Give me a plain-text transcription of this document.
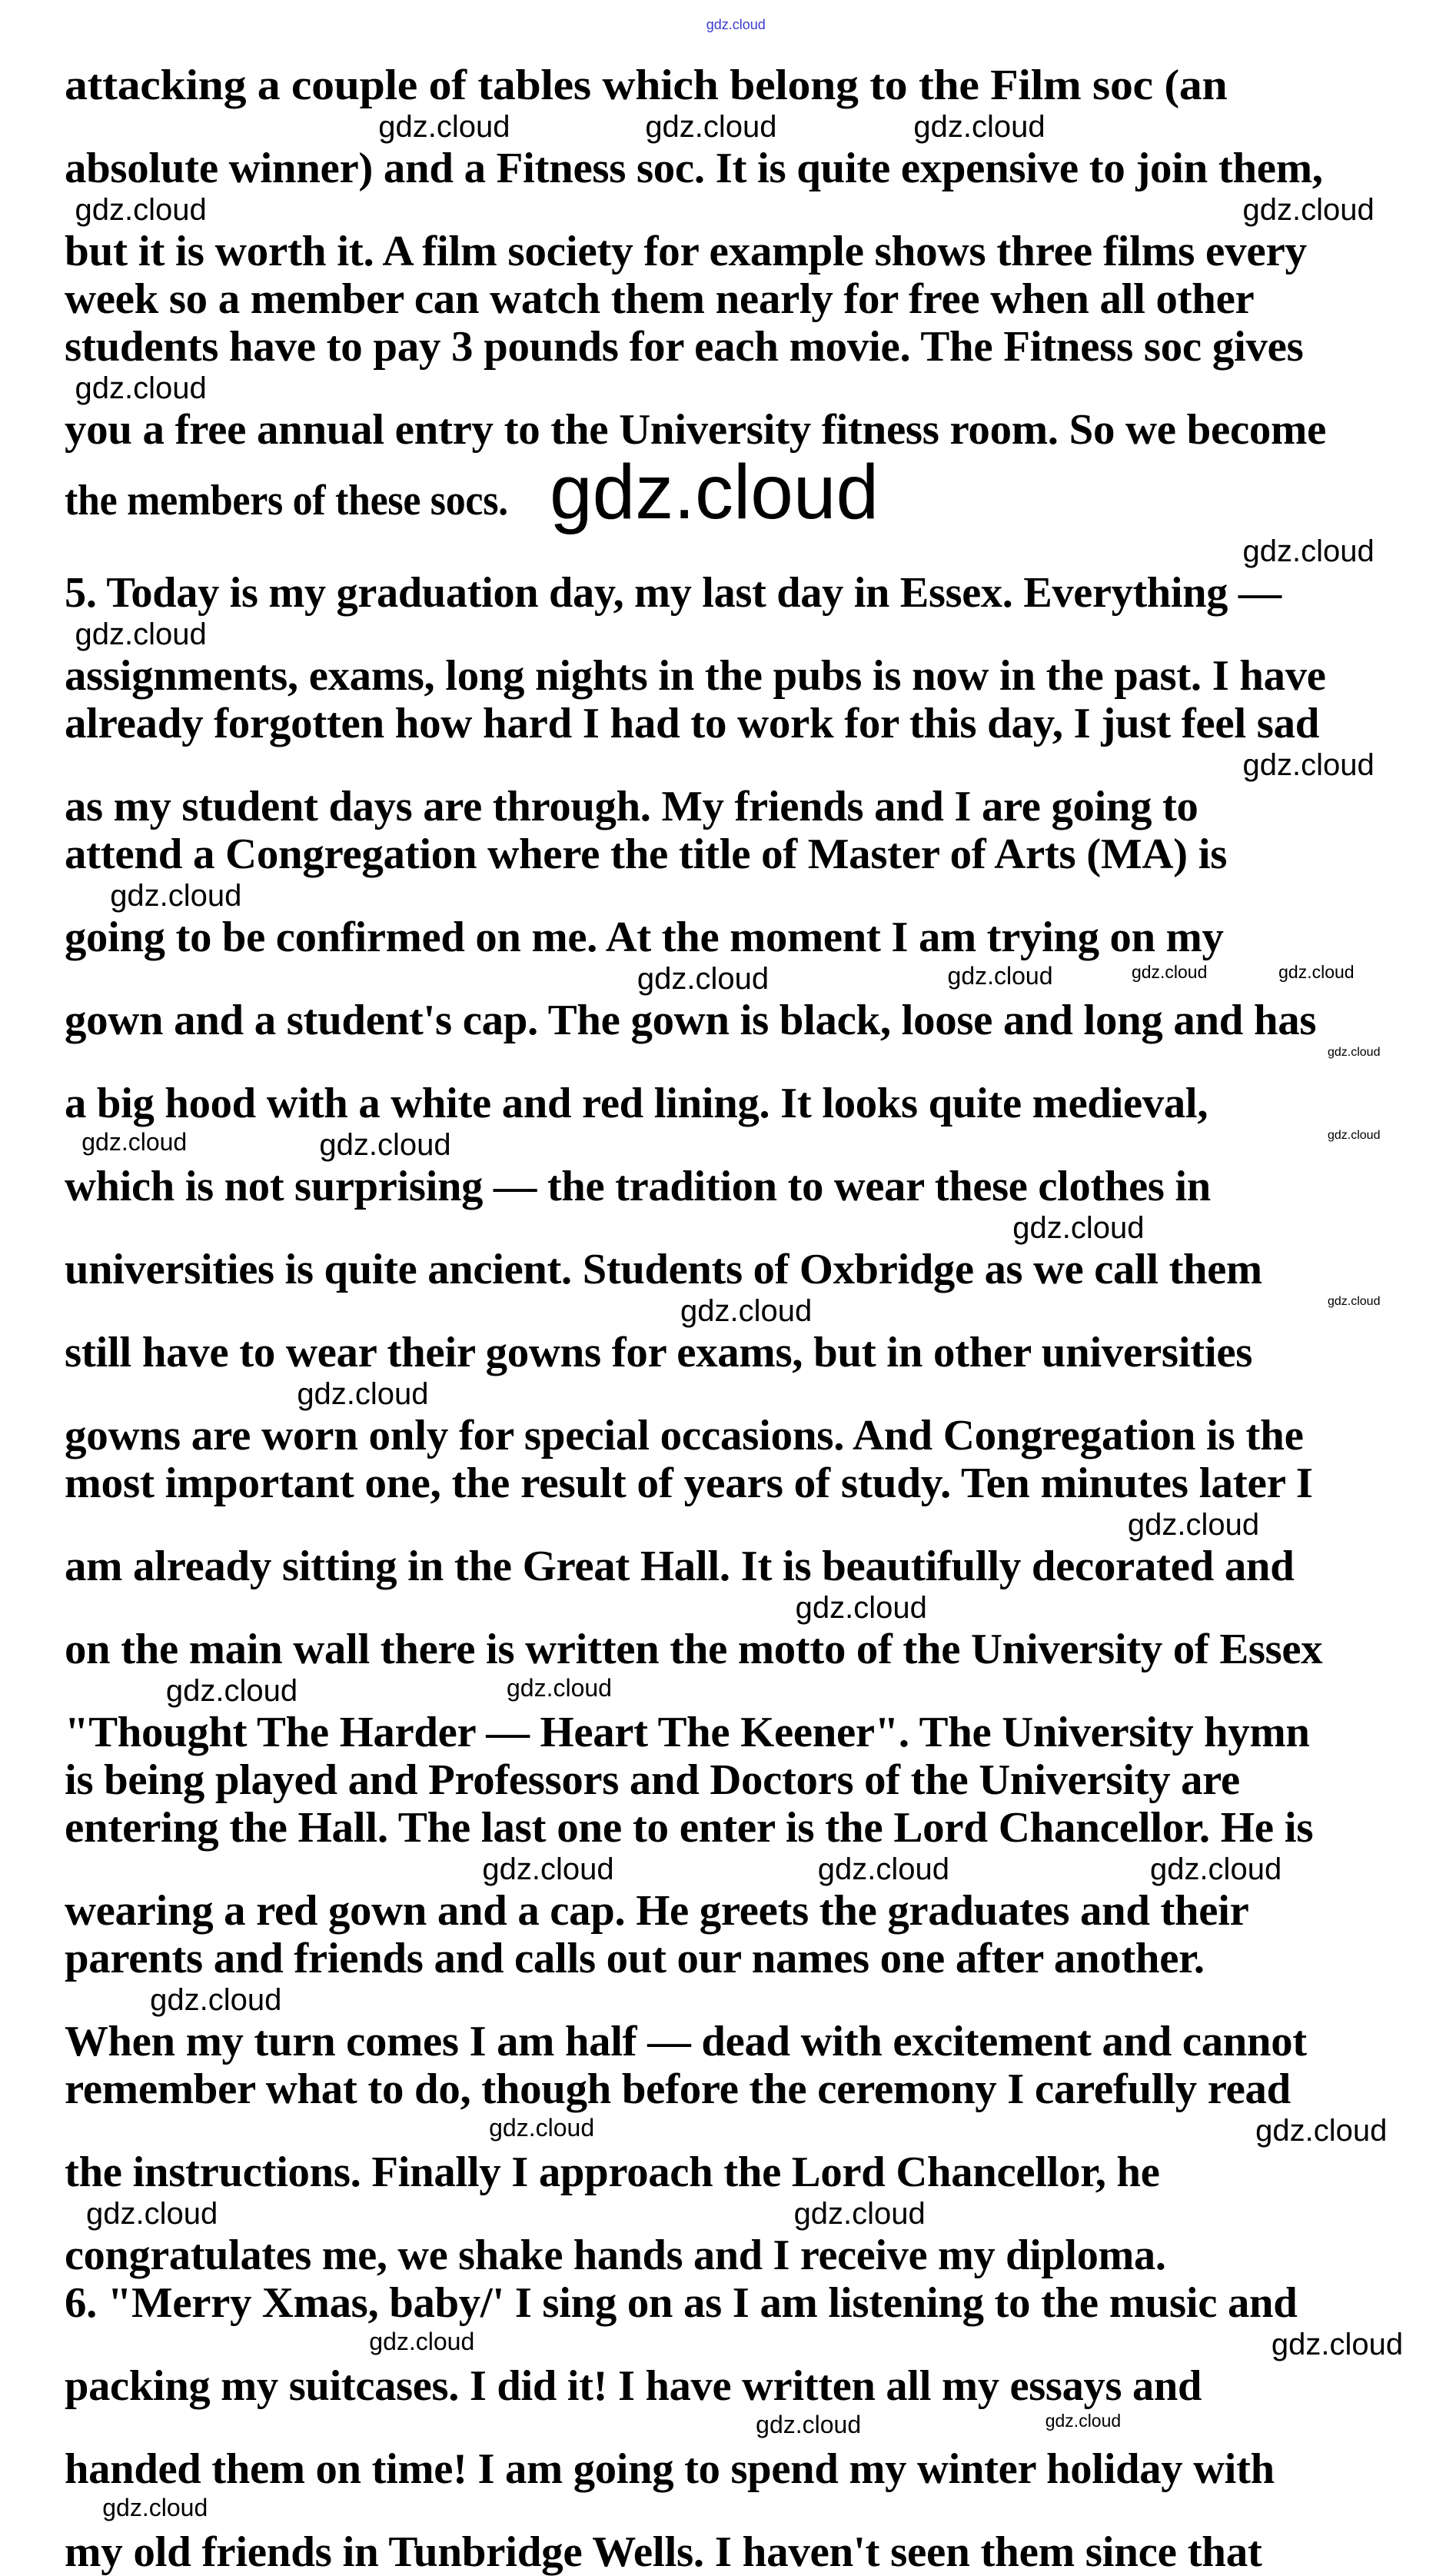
gdz.cloud
attacking a couple of tables which belong to the Film soc (an
gdz.cloud	gdz.cloud	gdz.cloud
absolute winner) and a Fitness soc. It is quite expensive to join them,
gdz.cloud	gdz.cloud
but it is worth it. A film society for example shows three films every
week so a member can watch them nearly for free when all other
students have to pay 3 pounds for each movie. The Fitness soc gives
gdz.cloud
you a free annual entry to the University fitness room. So we become
the members of these socs. gdz.cloud
gdz.cloud
5. Today is my graduation day, my last day in Essex. Everything —
gdz.cloud
assignments, exams, long nights in the pubs is now in the past. I have
already forgotten how hard I had to work for this day, I just feel sad
gdz.cloud
as my student days are through. My friends and I are going to
attend a Congregation where the title of Master of Arts (MA) is
gdz.cloud
going to be confirmed on me. At the moment I am trying on my
gdz.cloud	gdz.cloud	gdz.cloud	gdz.cloud
gown and a student's cap. The gown is black, loose and long and has
gdz.cloud
a big hood with a white and red lining. It looks quite medieval,
gdz.cloud	gdz.cloud	gdz.cloud
which is not surprising — the tradition to wear these clothes in
gdz.cloud
universities is quite ancient. Students of Oxbridge as we call them
gdz.cloud
gdz.cloud
still have to wear their gowns for exams, but in other universities
gdz.cloud
gowns are worn only for special occasions. And Congregation is the
most important one, the result of years of study. Ten minutes later I
gdz.cloud
am already sitting in the Great Hall. It is beautifully decorated and
gdz.cloud
on the main wall there is written the motto of the University of Essex
gdz.cloud	gdz.cloud
"Thought The Harder — Heart The Keener". The University hymn
is being played and Professors and Doctors of the University are
entering the Hall. The last one to enter is the Lord Chancellor. He is
gdz.cloud	gdz.cloud	gdz.cloud
wearing a red gown and a cap. He greets the graduates and their
parents and friends and calls out our names one after another.
gdz.cloud
When my turn comes I am half — dead with excitement and cannot
remember what to do, though before the ceremony I carefully read
gdz.cloud	gdz.cloud
the instructions. Finally I approach the Lord Chancellor, he
gdz.cloud	gdz.cloud
congratulates me, we shake hands and I receive my diploma.
6. "Merry Xmas, baby/' I sing on as I am listening to the music and
gdz.cloud	gdz.cloud
packing my suitcases. I did it! I have written all my essays and
gdz.cloud	gdz.cloud
handed them on time! I am going to spend my winter holiday with
gdz.cloud
my old friends in Tunbridge Wells. I haven't seen them since that
